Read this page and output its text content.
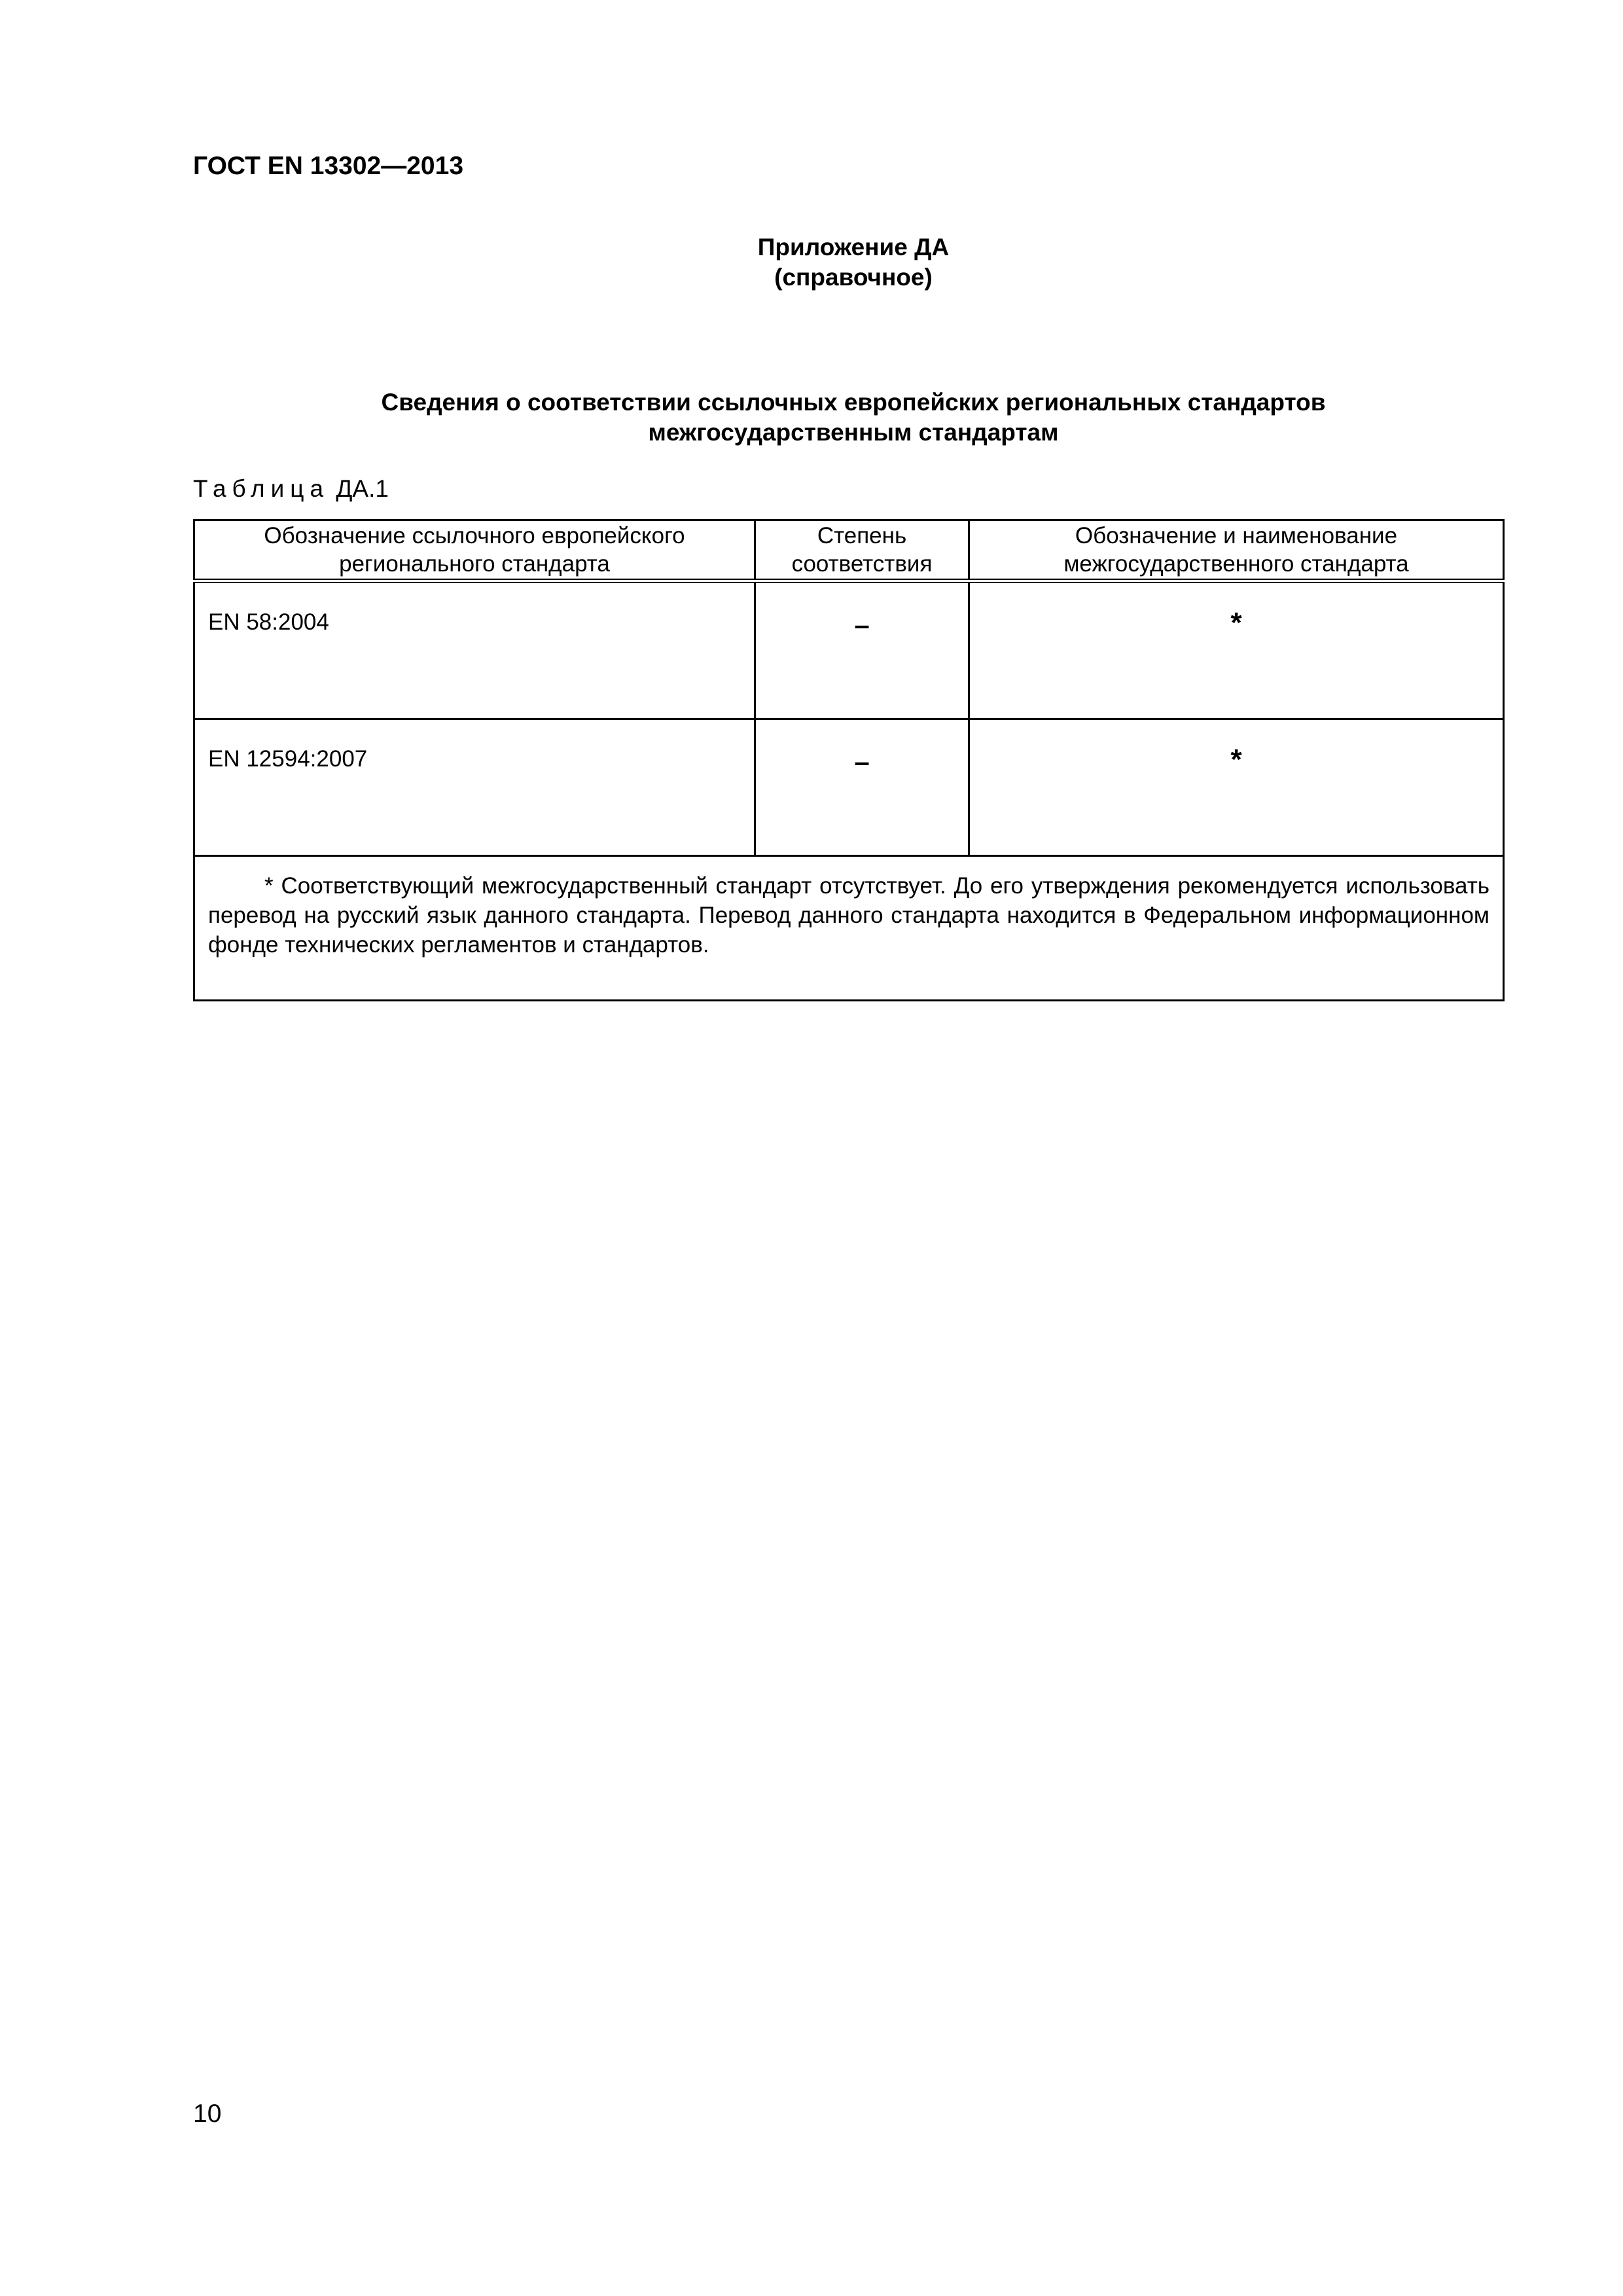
ГОСТ EN 13302—2013
Приложение ДА
(справочное)
Сведения о соответствии ссылочных европейских региональных стандартов
межгосударственным стандартам
Таблица ДА.1
Обозначение ссылочного европейского регионального стандарта	Степень соответствия	Обозначение и наименование межгосударственного стандарта
EN 58:2004	–	*
EN 12594:2007	–	*
* Соответствующий межгосударственный стандарт отсутствует. До его утверждения рекомендуется использовать перевод на русский язык данного стандарта. Перевод данного стандарта находится в Федеральном информационном фонде технических регламентов и стандартов.		
10
